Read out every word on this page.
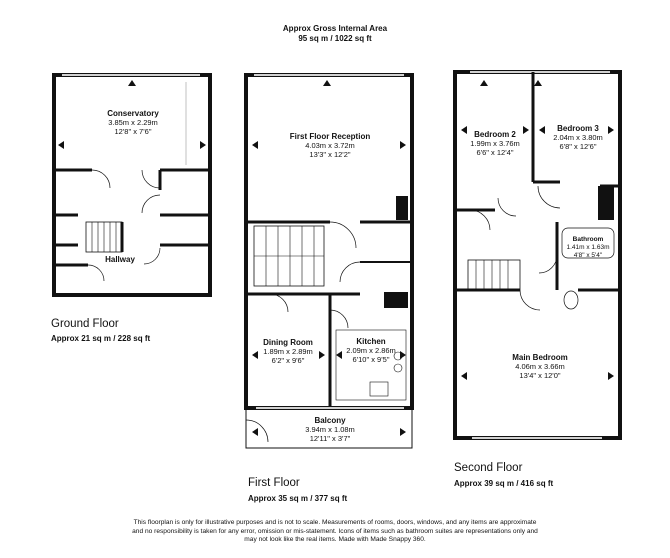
Approx Gross Internal Area
95 sq m / 1022 sq ft
Conservatory
3.85m x 2.29m
12'8" x 7'6"
Hallway
Ground Floor
Approx 21 sq m / 228 sq ft
First Floor Reception
4.03m x 3.72m
13'3" x 12'2"
Dining Room
1.89m x 2.89m
6'2" x 9'6"
Kitchen
2.09m x 2.86m
6'10" x 9'5"
Balcony
3.94m x 1.08m
12'11" x 3'7"
First Floor
Approx 35 sq m / 377 sq ft
Bedroom 2
1.99m x 3.76m
6'6" x 12'4"
Bedroom 3
2.04m x 3.80m
6'8" x 12'6"
Bathroom
1.41m x 1.63m
4'8" x 5'4"
Main Bedroom
4.06m x 3.66m
13'4" x 12'0"
Second Floor
Approx 39 sq m / 416 sq ft
This floorplan is only for illustrative purposes and is not to scale. Measurements of rooms, doors, windows, and any items are approximate
and no responsibility is taken for any error, omission or mis-statement. Icons of items such as bathroom suites are representations only and
may not look like the real items. Made with Made Snappy 360.
